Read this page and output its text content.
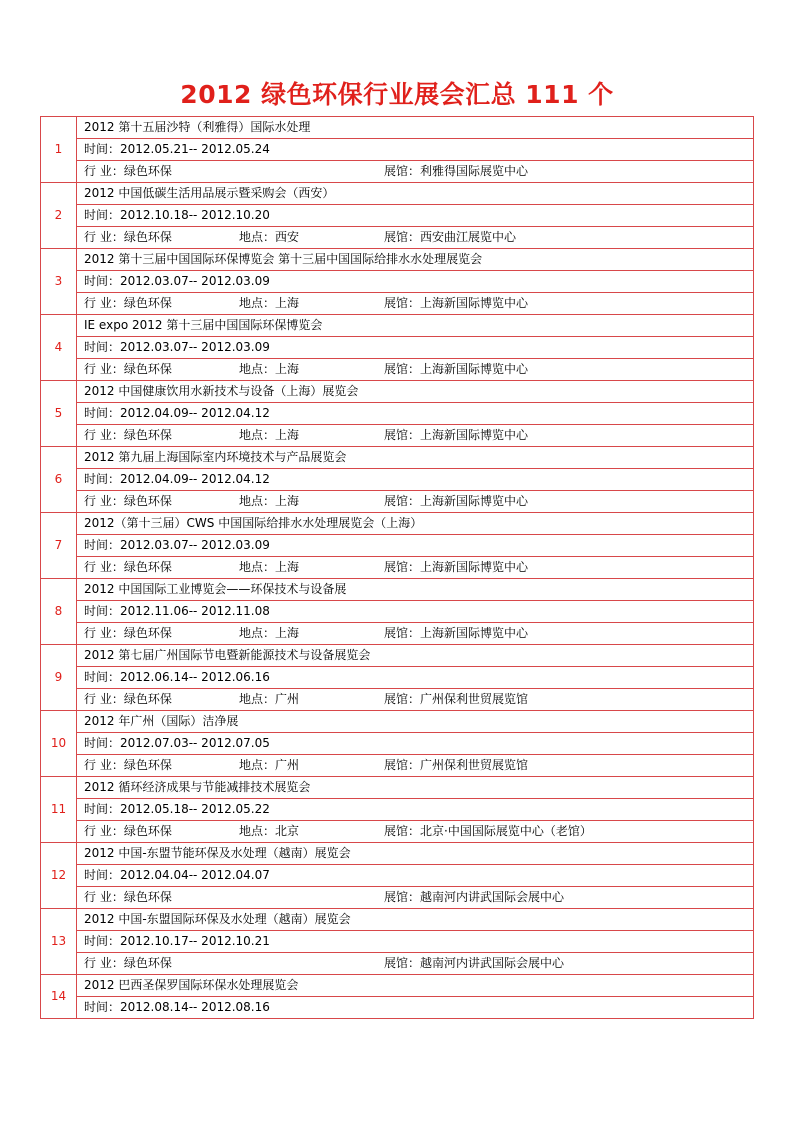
2012 绿色环保行业展会汇总 111 个
1	2012 第十五届沙特（利雅得）国际水处理
	时间：2012.05.21-- 2012.05.24
	行 业：绿色环保 展馆：利雅得国际展览中心
2	2012 中国低碳生活用品展示暨采购会（西安）
	时间：2012.10.18-- 2012.10.20
	行 业：绿色环保 地点：西安 展馆：西安曲江展览中心
3	2012 第十三届中国国际环保博览会 第十三届中国国际给排水水处理展览会
	时间：2012.03.07-- 2012.03.09
	行 业：绿色环保 地点：上海 展馆：上海新国际博览中心
4	IE expo 2012 第十三届中国国际环保博览会
	时间：2012.03.07-- 2012.03.09
	行 业：绿色环保 地点：上海 展馆：上海新国际博览中心
5	2012 中国健康饮用水新技术与设备（上海）展览会
	时间：2012.04.09-- 2012.04.12
	行 业：绿色环保 地点：上海 展馆：上海新国际博览中心
6	2012 第九届上海国际室内环境技术与产品展览会
	时间：2012.04.09-- 2012.04.12
	行 业：绿色环保 地点：上海 展馆：上海新国际博览中心
7	2012（第十三届）CWS 中国国际给排水水处理展览会（上海）
	时间：2012.03.07-- 2012.03.09
	行 业：绿色环保 地点：上海 展馆：上海新国际博览中心
8	2012 中国国际工业博览会——环保技术与设备展
	时间：2012.11.06-- 2012.11.08
	行 业：绿色环保 地点：上海 展馆：上海新国际博览中心
9	2012 第七届广州国际节电暨新能源技术与设备展览会
	时间：2012.06.14-- 2012.06.16
	行 业：绿色环保 地点：广州 展馆：广州保利世贸展览馆
10	2012 年广州（国际）洁净展
	时间：2012.07.03-- 2012.07.05
	行 业：绿色环保 地点：广州 展馆：广州保利世贸展览馆
11	2012 循环经济成果与节能减排技术展览会
	时间：2012.05.18-- 2012.05.22
	行 业：绿色环保 地点：北京 展馆：北京·中国国际展览中心（老馆）
12	2012 中国-东盟节能环保及水处理（越南）展览会
	时间：2012.04.04-- 2012.04.07
	行 业：绿色环保 展馆：越南河内讲武国际会展中心
13	2012 中国-东盟国际环保及水处理（越南）展览会
	时间：2012.10.17-- 2012.10.21
	行 业：绿色环保 展馆：越南河内讲武国际会展中心
14	2012 巴西圣保罗国际环保水处理展览会
	时间：2012.08.14-- 2012.08.16
